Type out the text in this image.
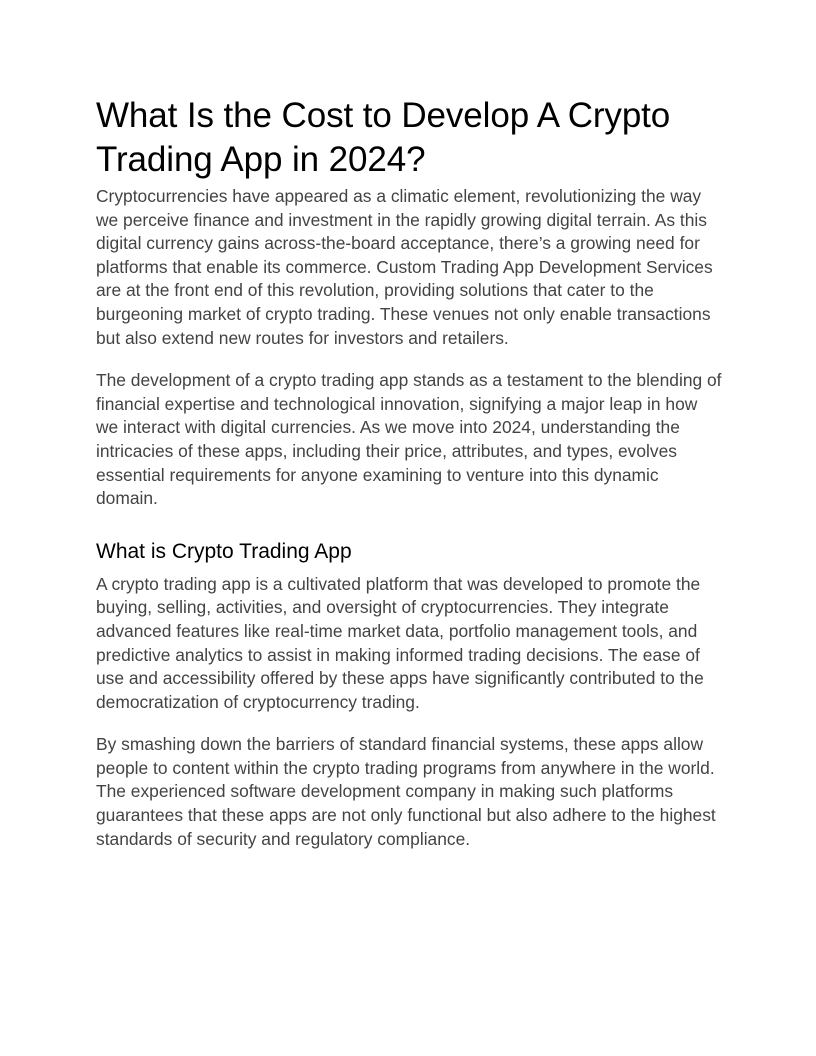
What Is the Cost to Develop A Crypto Trading App in 2024?

Cryptocurrencies have appeared as a climatic element, revolutionizing the way we perceive finance and investment in the rapidly growing digital terrain. As this digital currency gains across-the-board acceptance, there’s a growing need for platforms that enable its commerce. Custom Trading App Development Services are at the front end of this revolution, providing solutions that cater to the burgeoning market of crypto trading. These venues not only enable transactions but also extend new routes for investors and retailers.

The development of a crypto trading app stands as a testament to the blending of financial expertise and technological innovation, signifying a major leap in how we interact with digital currencies. As we move into 2024, understanding the intricacies of these apps, including their price, attributes, and types, evolves essential requirements for anyone examining to venture into this dynamic domain.

What is Crypto Trading App

A crypto trading app is a cultivated platform that was developed to promote the buying, selling, activities, and oversight of cryptocurrencies. They integrate advanced features like real-time market data, portfolio management tools, and predictive analytics to assist in making informed trading decisions. The ease of use and accessibility offered by these apps have significantly contributed to the democratization of cryptocurrency trading.

By smashing down the barriers of standard financial systems, these apps allow people to content within the crypto trading programs from anywhere in the world. The experienced software development company in making such platforms guarantees that these apps are not only functional but also adhere to the highest standards of security and regulatory compliance.
